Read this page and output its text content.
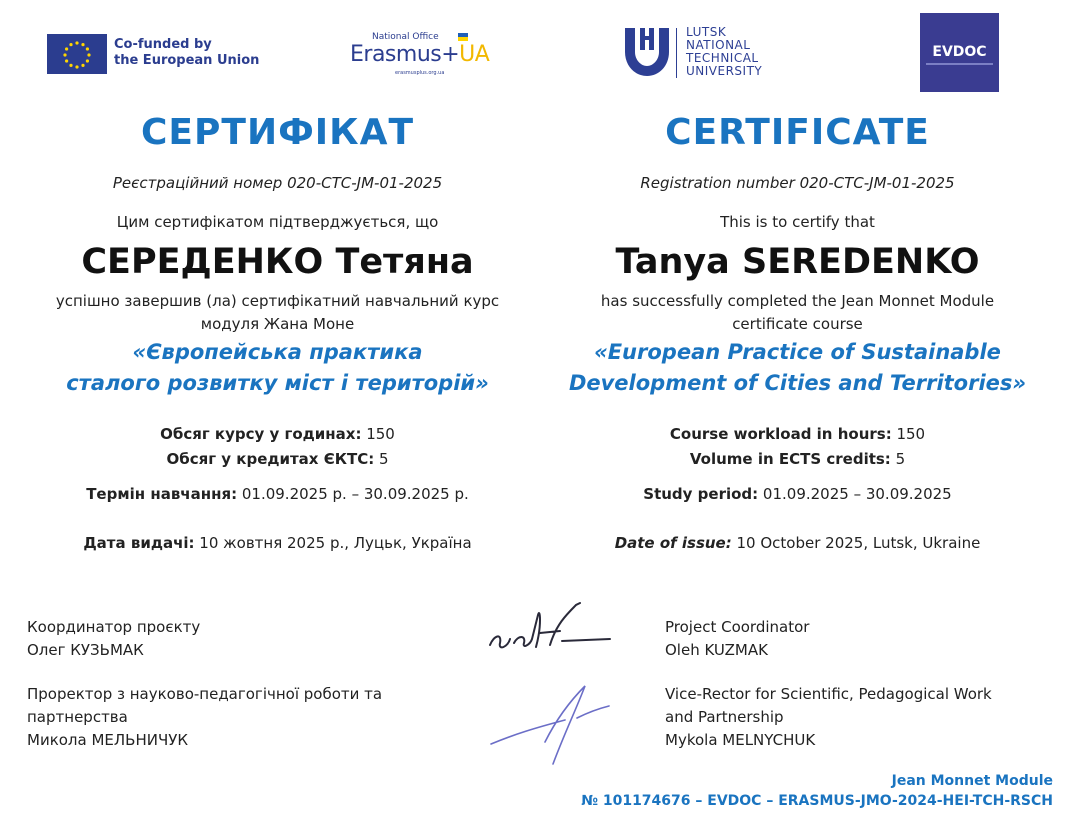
Co-funded by
the European Union
National Office
Erasmus+UA
erasmusplus.org.ua
LUTSK
NATIONAL
TECHNICAL
UNIVERSITY
EVDOC
СЕРТИФІКАТ
Реєстраційний номер 020-СТС-JM-01-2025
Цим сертифікатом підтверджується, що
СЕРЕДЕНКО Тетяна
успішно завершив (ла) сертифікатний навчальний курс
модуля Жана Моне
«Європейська практика
сталого розвитку міст і територій»
Обсяг курсу у годинах: 150
Обсяг у кредитах ЄКТС: 5
Термін навчання: 01.09.2025 р. – 30.09.2025 р.
Дата видачі: 10 жовтня 2025 р., Луцьк, Україна
CERTIFICATE
Registration number 020-CTC-JM-01-2025
This is to certify that
Tanya SEREDENKO
has successfully completed the Jean Monnet Module
certificate course
«European Practice of Sustainable
Development of Cities and Territories»
Course workload in hours: 150
Volume in ECTS credits: 5
Study period: 01.09.2025 – 30.09.2025
Date of issue: 10 October 2025, Lutsk, Ukraine
Координатор проєкту
Олег КУЗЬМАК
Проректор з науково-педагогічної роботи та
партнерства
Микола МЕЛЬНИЧУК
Project Coordinator
Oleh KUZMAK
Vice-Rector for Scientific, Pedagogical Work
and Partnership
Mykola MELNYCHUK
Jean Monnet Module
№ 101174676 – EVDOC – ERASMUS-JMO-2024-HEI-TCH-RSCH
